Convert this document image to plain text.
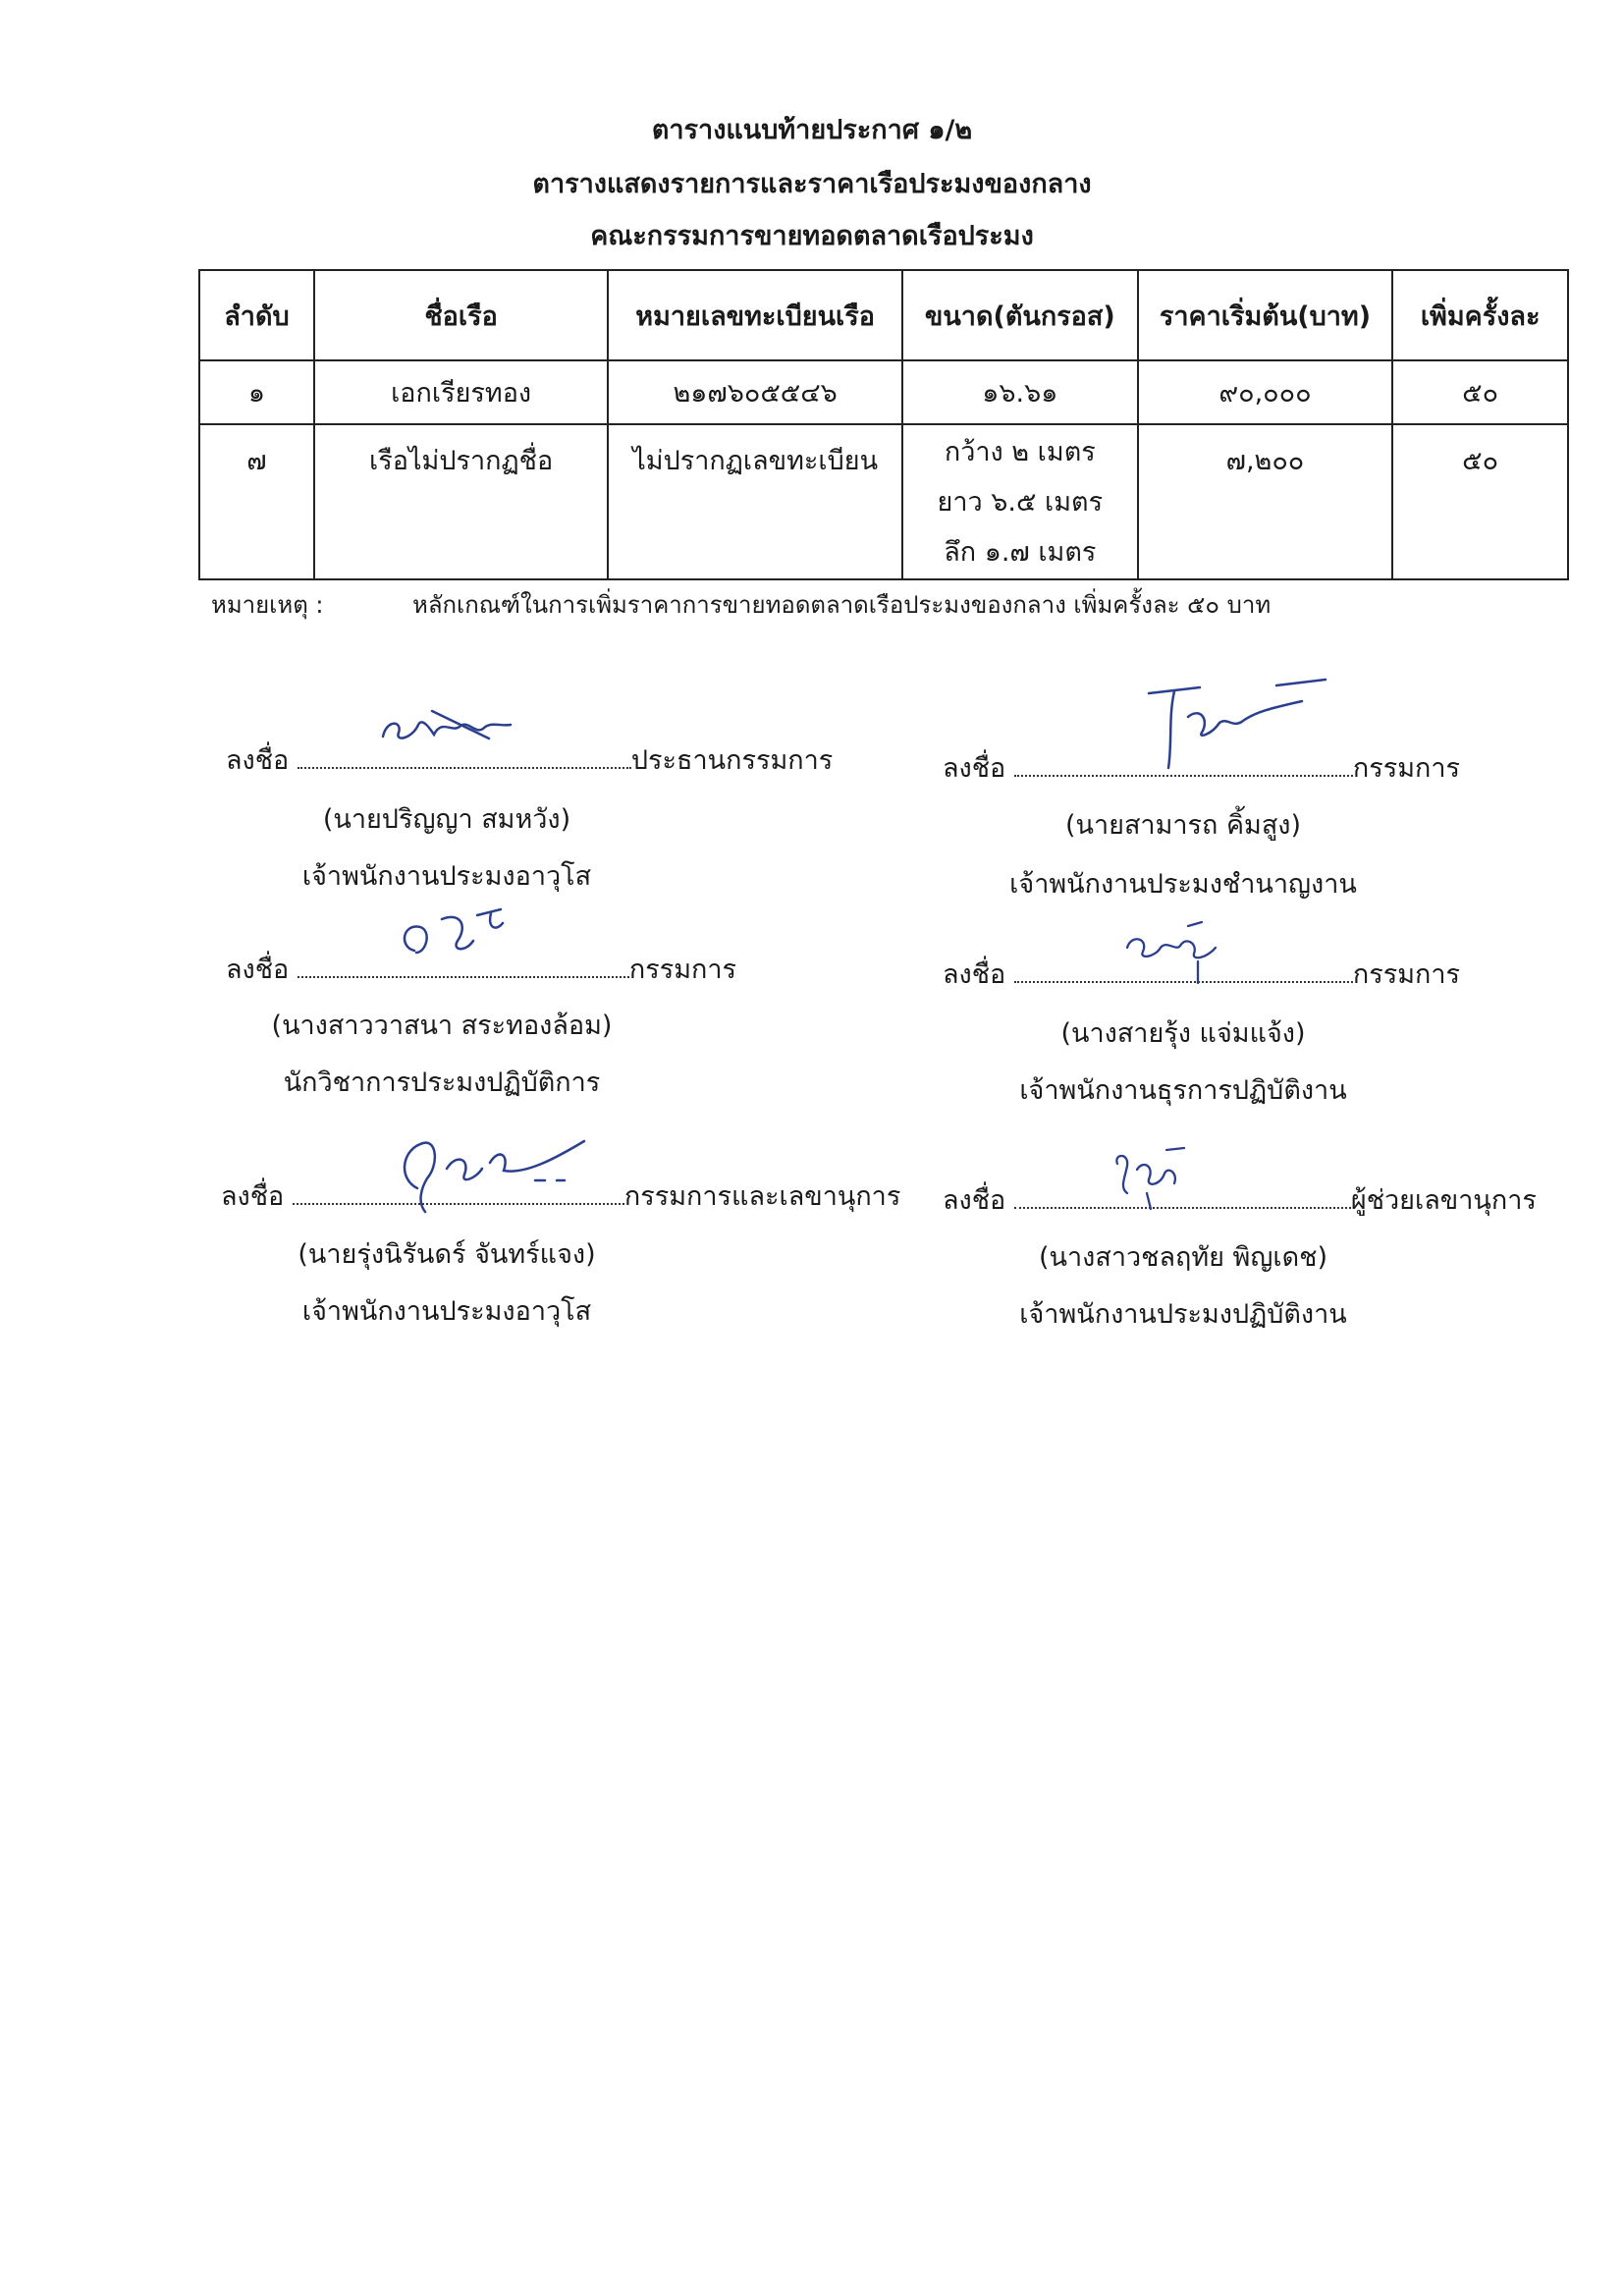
ตารางแนบท้ายประกาศ ๑/๒
ตารางแสดงรายการและราคาเรือประมงของกลาง
คณะกรรมการขายทอดตลาดเรือประมง
ลำดับ	ชื่อเรือ	หมายเลขทะเบียนเรือ	ขนาด(ตันกรอส)	ราคาเริ่มต้น(บาท)	เพิ่มครั้งละ
๑	เอกเรียรทอง	๒๑๗๖๐๕๕๔๖	๑๖.๖๑	๙๐,๐๐๐	๕๐
๗	เรือไม่ปรากฏชื่อ	ไม่ปรากฏเลขทะเบียน	กว้าง ๒ เมตร
ยาว ๖.๕ เมตร
ลึก ๑.๗ เมตร	๗,๒๐๐	๕๐
หมายเหตุ :	หลักเกณฑ์ในการเพิ่มราคาการขายทอดตลาดเรือประมงของกลาง เพิ่มครั้งละ ๕๐ บาท
ลงชื่อ	ประธานกรรมการ
(นายปริญญา สมหวัง)
เจ้าพนักงานประมงอาวุโส
ลงชื่อ	กรรมการ
(นางสาววาสนา สระทองล้อม)
นักวิชาการประมงปฏิบัติการ
ลงชื่อ	กรรมการและเลขานุการ
(นายรุ่งนิรันดร์ จันทร์แจง)
เจ้าพนักงานประมงอาวุโส
ลงชื่อ	กรรมการ
(นายสามารถ คิ้มสูง)
เจ้าพนักงานประมงชำนาญงาน
ลงชื่อ	กรรมการ
(นางสายรุ้ง แจ่มแจ้ง)
เจ้าพนักงานธุรการปฏิบัติงาน
ลงชื่อ	ผู้ช่วยเลขานุการ
(นางสาวชลฤทัย พิญเดช)
เจ้าพนักงานประมงปฏิบัติงาน
